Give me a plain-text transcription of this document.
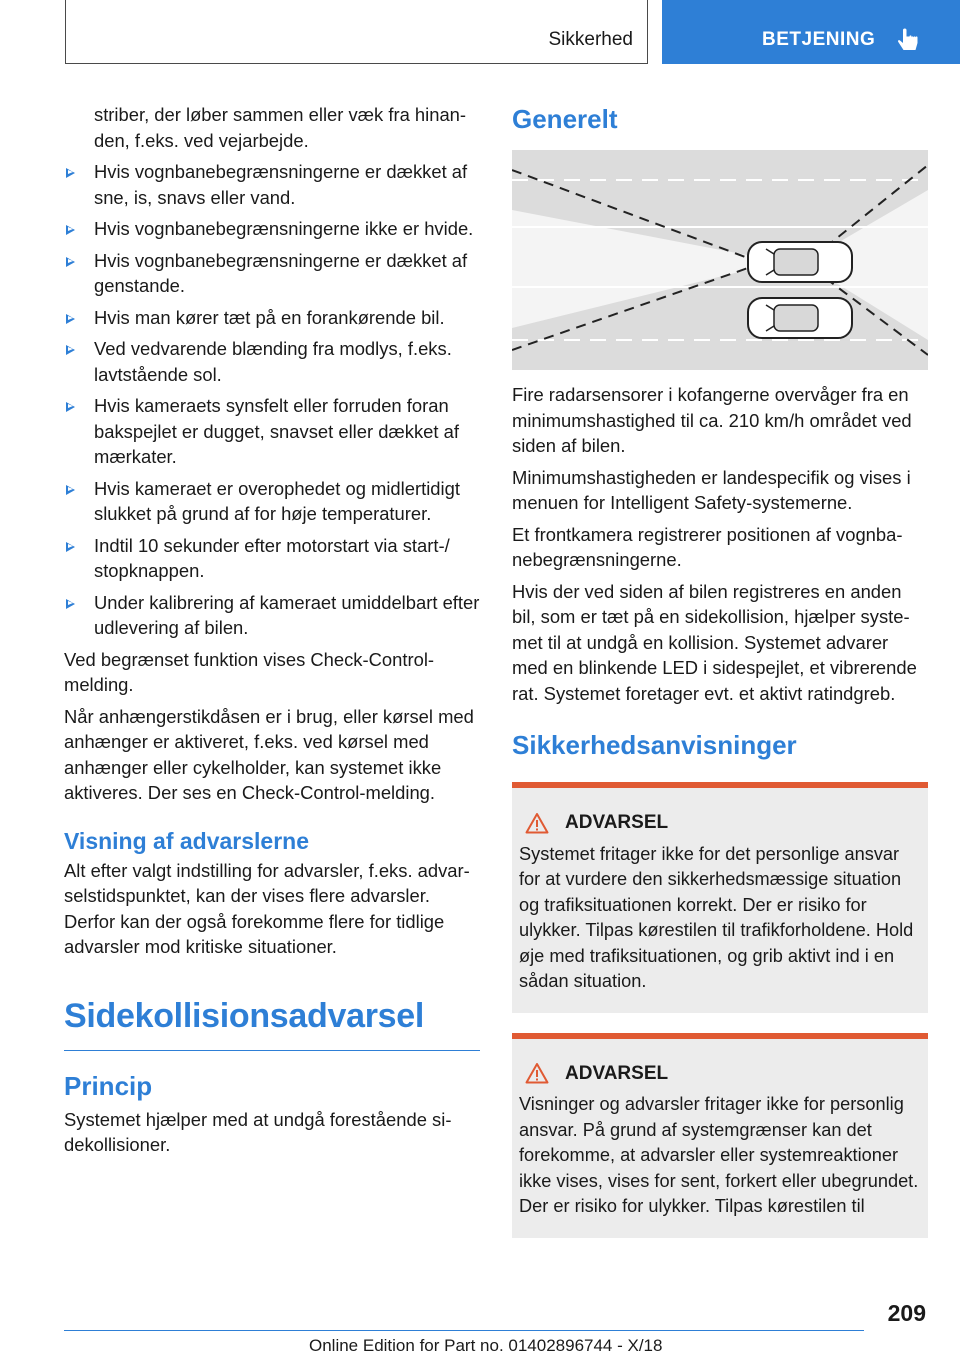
Sikkerhed	BETJENING

striber, der løber sammen eller væk fra hinanden, f.eks. ved vejarbejde.

Hvis vognbanebegrænsningerne er dækket af sne, is, snavs eller vand.
Hvis vognbanebegrænsningerne ikke er hvide.
Hvis vognbanebegrænsningerne er dækket af genstande.
Hvis man kører tæt på en forankørende bil.
Ved vedvarende blænding fra modlys, f.eks. lavtstående sol.
Hvis kameraets synsfelt eller forruden foran bakspejlet er dugget, snavset eller dækket af mærkater.
Hvis kameraet er overophedet og midlertidigt slukket på grund af for høje temperaturer.
Indtil 10 sekunder efter motorstart via start-/ stopknappen.
Under kalibrering af kameraet umiddelbart efter udlevering af bilen.

Ved begrænset funktion vises Check-Control-melding.

Når anhængerstikdåsen er i brug, eller kørsel med anhænger er aktiveret, f.eks. ved kørsel med anhænger eller cykelholder, kan systemet ikke aktiveres. Der ses en Check-Control-melding.

Visning af advarslerne

Alt efter valgt indstilling for advarsler, f.eks. advarselstidspunktet, kan der vises flere advarsler. Derfor kan der også forekomme flere for tidlige advarsler mod kritiske situationer.

Sidekollisionsadvarsel
Princip

Systemet hjælper med at undgå forestående sidekollisioner.

Generelt

Fire radarsensorer i kofangerne overvåger fra en minimumshastighed til ca. 210 km/h området ved siden af bilen.

Minimumshastigheden er landespecifik og vises i menuen for Intelligent Safety-systemerne.

Et frontkamera registrerer positionen af vognbanebegrænsningerne.

Hvis der ved siden af bilen registreres en anden bil, som er tæt på en sidekollision, hjælper systemet til at undgå en kollision. Systemet advarer med en blinkende LED i sidespejlet, et vibrerende rat. Systemet foretager evt. et aktivt ratindgreb.

Sikkerhedsanvisninger
ADVARSEL

Systemet fritager ikke for det personlige ansvar for at vurdere den sikkerhedsmæssige situation og trafiksituationen korrekt. Der er risiko for ulykker. Tilpas kørestilen til trafikforholdene. Hold øje med trafiksituationen, og grib aktivt ind i en sådan situation.

ADVARSEL

Visninger og advarsler fritager ikke for personlig ansvar. På grund af systemgrænser kan det forekomme, at advarsler eller systemreaktioner ikke vises, vises for sent, forkert eller ubegrundet. Der er risiko for ulykker. Tilpas kørestilen til

209
Online Edition for Part no. 01402896744 - X/18
